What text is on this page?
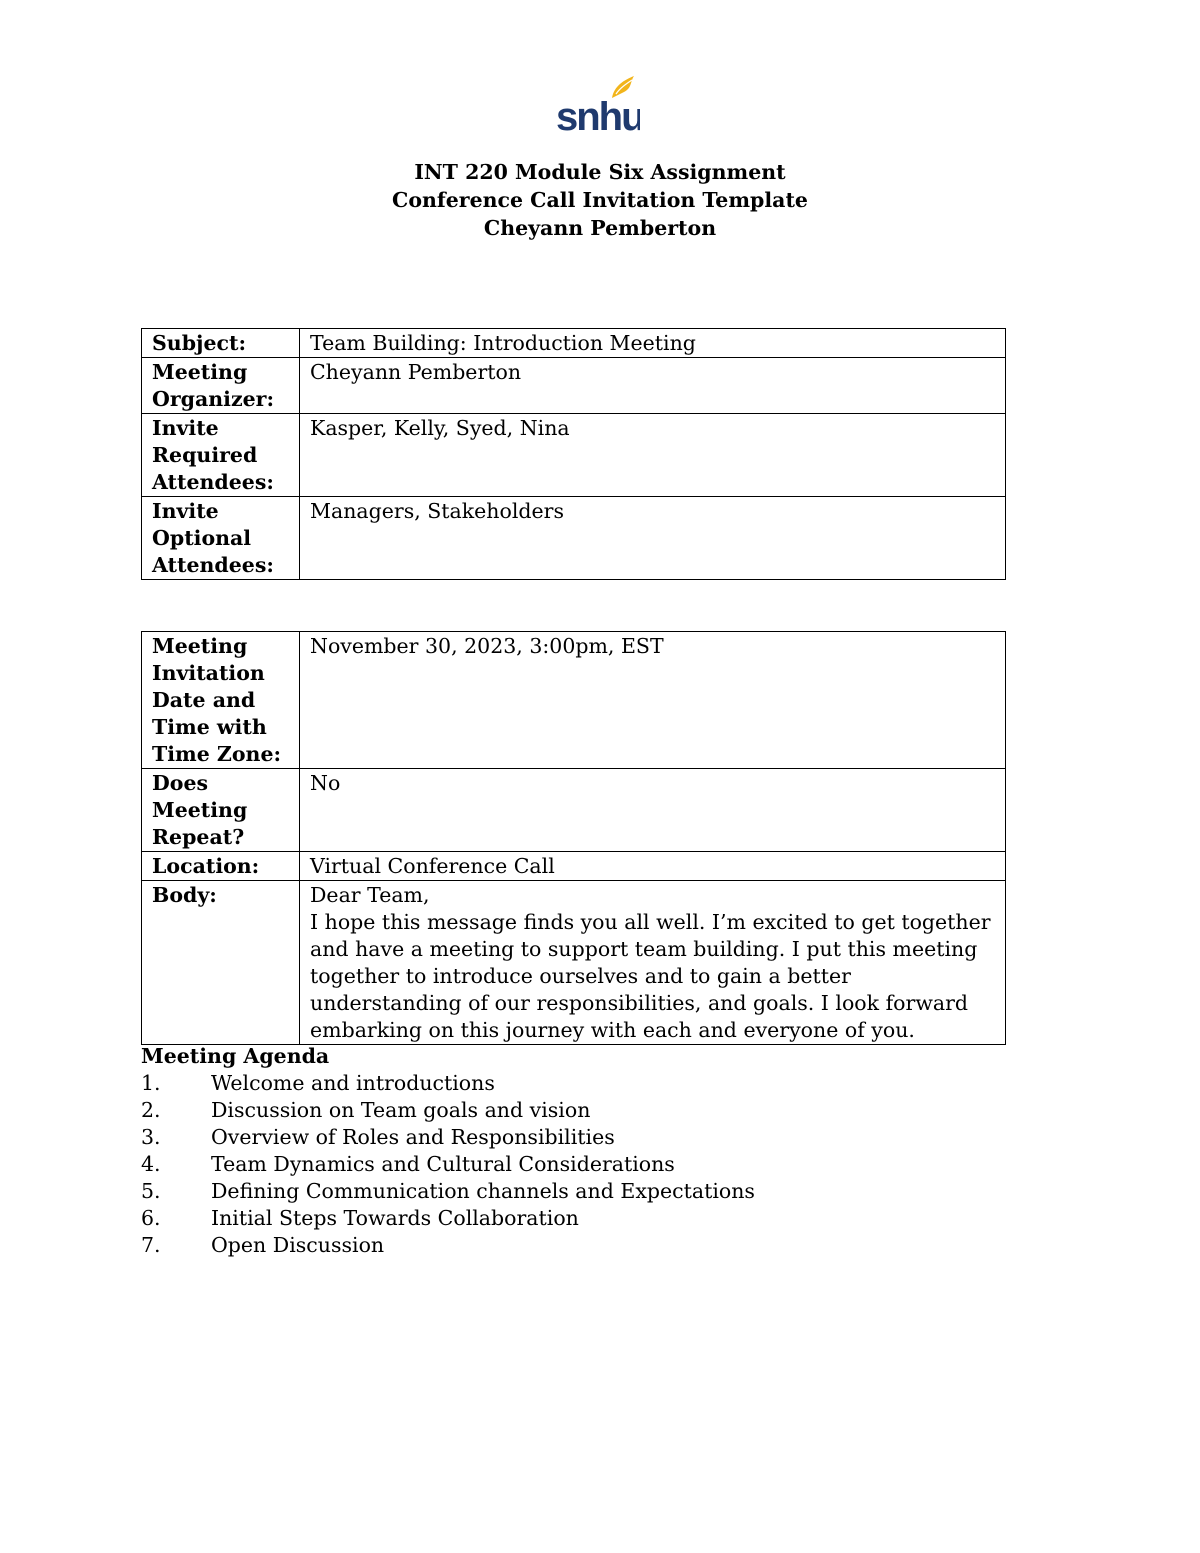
snhu
INT 220 Module Six Assignment
Conference Call Invitation Template
Cheyann Pemberton
Subject:	Team Building: Introduction Meeting
Meeting Organizer:	Cheyann Pemberton
Invite Required Attendees:	Kasper, Kelly, Syed, Nina
Invite Optional Attendees:	Managers, Stakeholders
Meeting Invitation Date and Time with Time Zone:	November 30, 2023, 3:00pm, EST
Does Meeting Repeat?	No
Location:	Virtual Conference Call
Body:	Dear Team,
I hope this message finds you all well. I’m excited to get together and have a meeting to support team building. I put this meeting together to introduce ourselves and to gain a better understanding of our responsibilities, and goals. I look forward embarking on this journey with each and everyone of you.
Meeting Agenda
1.	Welcome and introductions
2.	Discussion on Team goals and vision
3.	Overview of Roles and Responsibilities
4.	Team Dynamics and Cultural Considerations
5.	Defining Communication channels and Expectations
6.	Initial Steps Towards Collaboration
7.	Open Discussion
